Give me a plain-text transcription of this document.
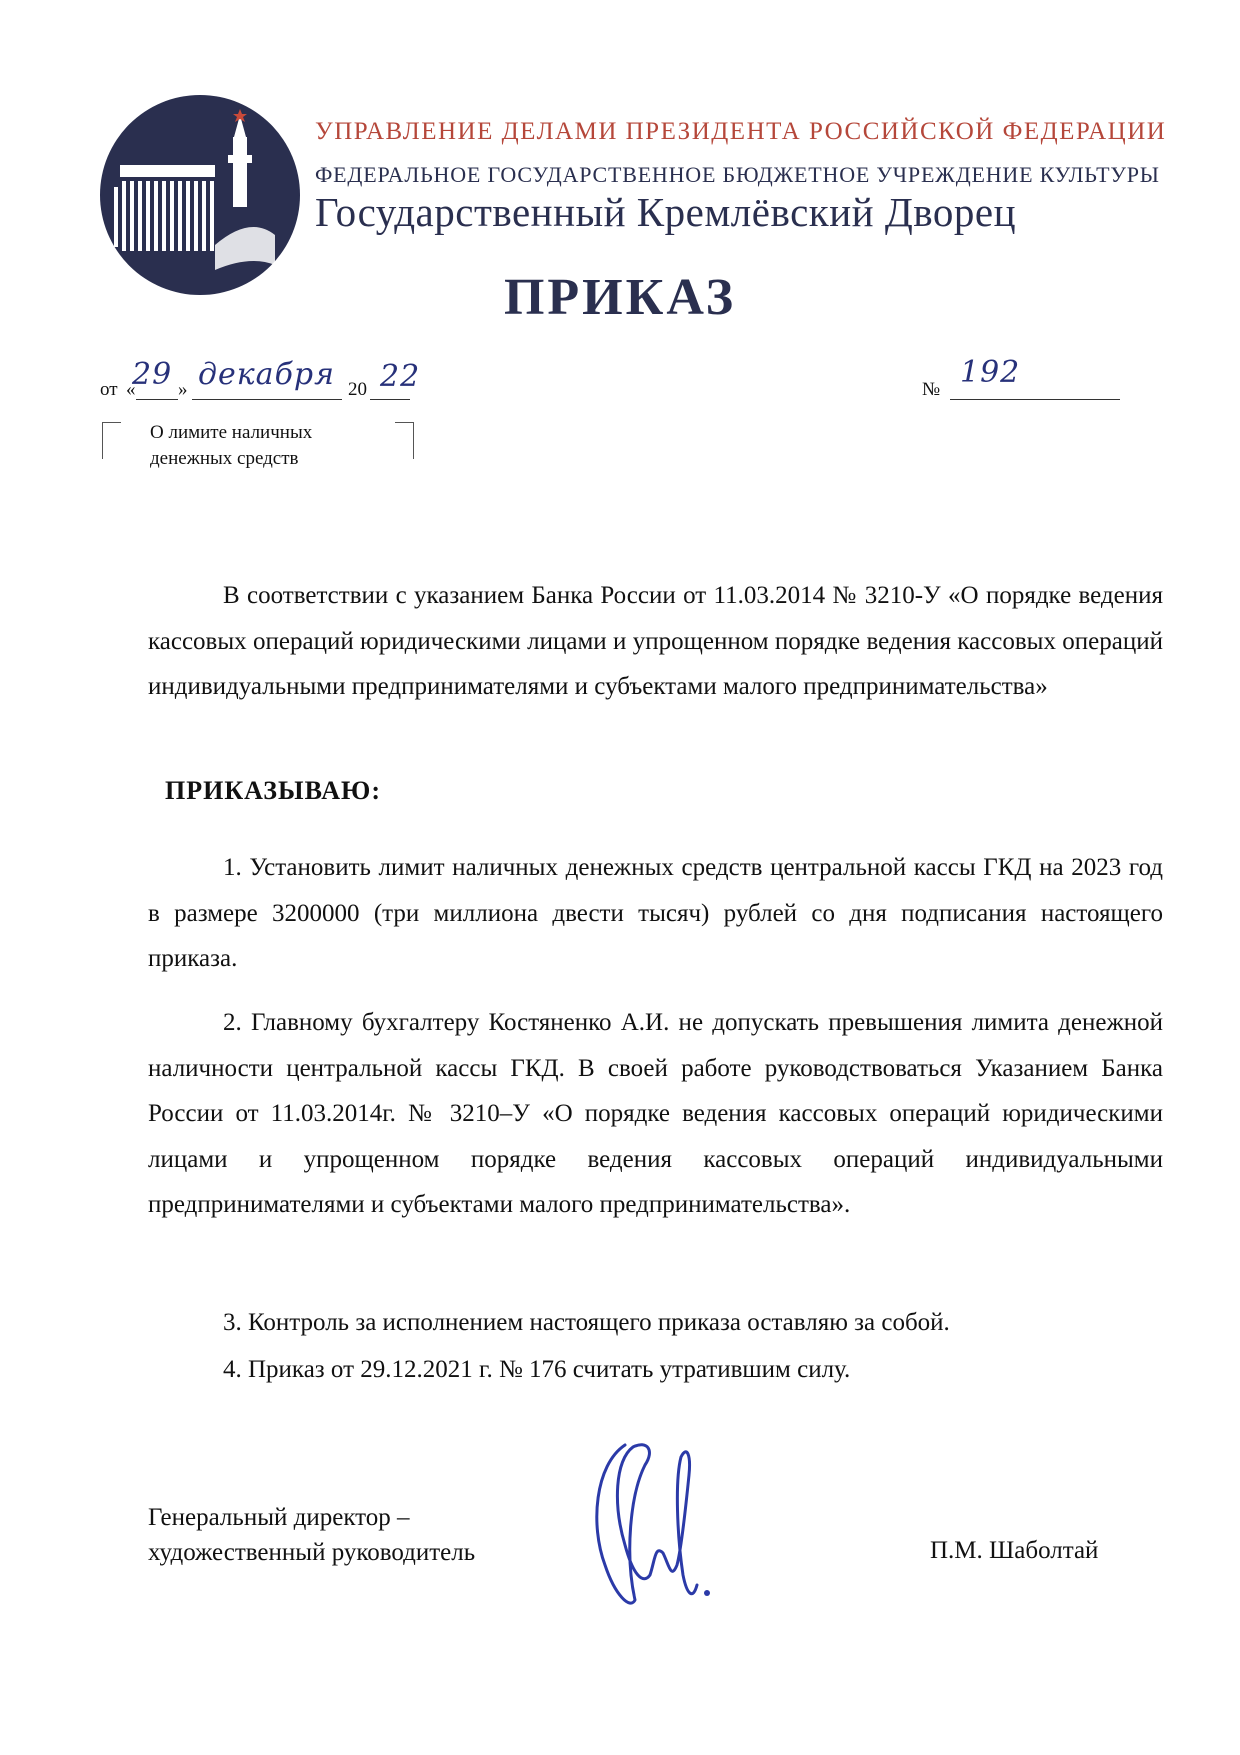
УПРАВЛЕНИЕ ДЕЛАМИ ПРЕЗИДЕНТА РОССИЙСКОЙ ФЕДЕРАЦИИ
ФЕДЕРАЛЬНОЕ ГОСУДАРСТВЕННОЕ БЮДЖЕТНОЕ УЧРЕЖДЕНИЕ КУЛЬТУРЫ
Государственный Кремлёвский Дворец
ПРИКАЗ
от «
29 » декабря 20 22	№ 192
О лимите наличных
денежных средств

В соответствии с указанием Банка России от 11.03.2014 № 3210-У «О порядке ведения кассовых операций юридическими лицами и упрощенном порядке ведения кассовых операций индивидуальными предпринимателями и субъектами малого предпринимательства»

ПРИКАЗЫВАЮ:

1. Установить лимит наличных денежных средств центральной кассы ГКД на 2023 год в размере 3200000 (три миллиона двести тысяч) рублей со дня подписания настоящего приказа.

2. Главному бухгалтеру Костяненко А.И. не допускать превышения лимита денежной наличности центральной кассы ГКД. В своей работе руководствоваться Указанием Банка России от 11.03.2014г. № 3210–У «О порядке ведения кассовых операций юридическими лицами и упрощенном порядке ведения кассовых операций индивидуальными предпринимателями и субъектами малого предпринимательства».

3. Контроль за исполнением настоящего приказа оставляю за собой.

4. Приказ от 29.12.2021 г. № 176 считать утратившим силу.

Генеральный директор –
художественный руководитель	П.М. Шаболтай
